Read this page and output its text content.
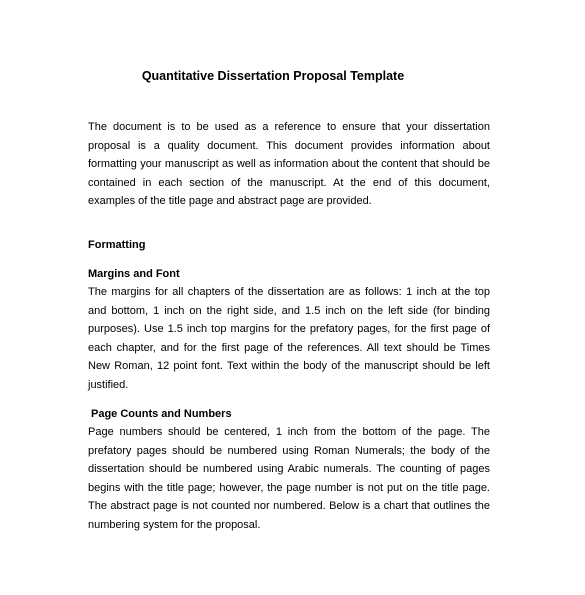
Quantitative Dissertation Proposal Template

The document is to be used as a reference to ensure that your dissertation proposal is a quality document. This document provides information about formatting your manuscript as well as information about the content that should be contained in each section of the manuscript. At the end of this document, examples of the title page and abstract page are provided.

Formatting
Margins and Font

The margins for all chapters of the dissertation are as follows: 1 inch at the top and bottom, 1 inch on the right side, and 1.5 inch on the left side (for binding purposes). Use 1.5 inch top margins for the prefatory pages, for the first page of each chapter, and for the first page of the references. All text should be Times New Roman, 12 point font. Text within the body of the manuscript should be left justified.

Page Counts and Numbers

Page numbers should be centered, 1 inch from the bottom of the page. The prefatory pages should be numbered using Roman Numerals; the body of the dissertation should be numbered using Arabic numerals. The counting of pages begins with the title page; however, the page number is not put on the title page. The abstract page is not counted nor numbered. Below is a chart that outlines the numbering system for the proposal.
